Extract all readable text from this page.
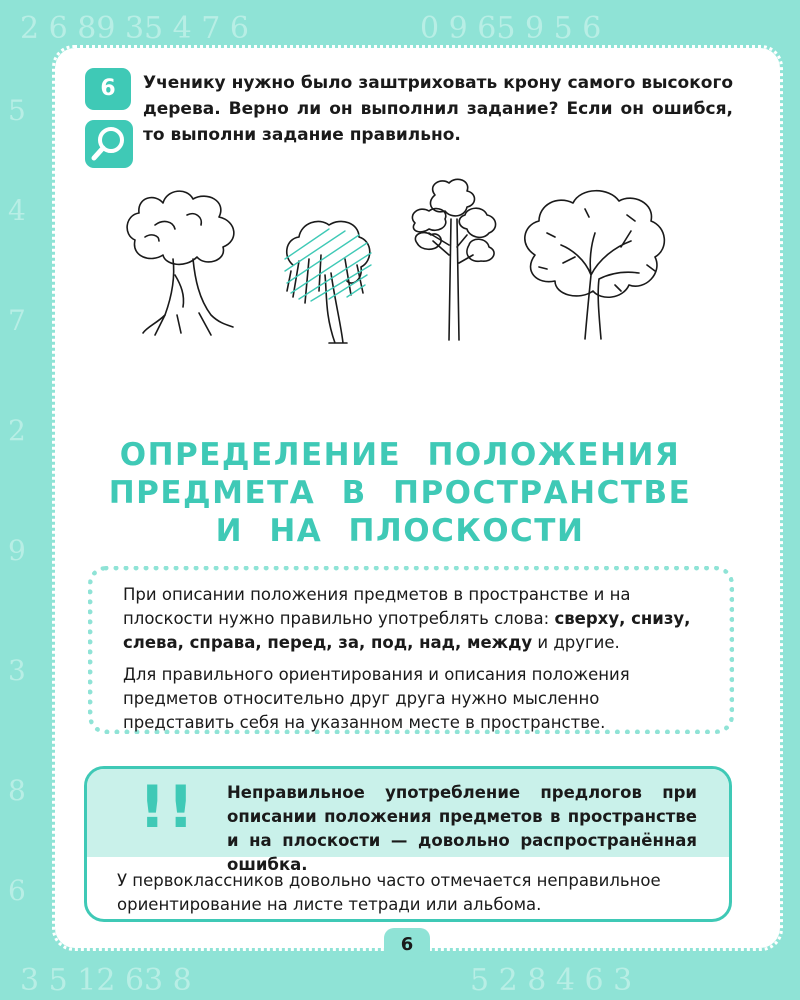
2 6 89 35 4 7 6	0 9 65 9 5 6
3 5 12 63 8	5 2 8 4 6 3
5
4
7
2
9
3
8
6
6	Ученику нужно было заштриховать крону самого высокого дерева. Верно ли он выполнил задание? Если он ошибся, то выполни задание правильно.
ОПРЕДЕЛЕНИЕ ПОЛОЖЕНИЯ
ПРЕДМЕТА В ПРОСТРАНСТВЕ
И НА ПЛОСКОСТИ

При описании положения предметов в пространстве и на плоскости нужно правильно употреблять слова: сверху, снизу, слева, справа, перед, за, под, над, между и другие.

Для правильного ориентирования и описания положения предметов относительно друг друга нужно мысленно представить себя на указанном месте в пространстве.

!! Неправильное употребление предлогов при описании положения предметов в пространстве и на плоскости — довольно распространённая ошибка.
У первоклассников довольно часто отмечается неправильное ориентирование на листе тетради или альбома.
6
